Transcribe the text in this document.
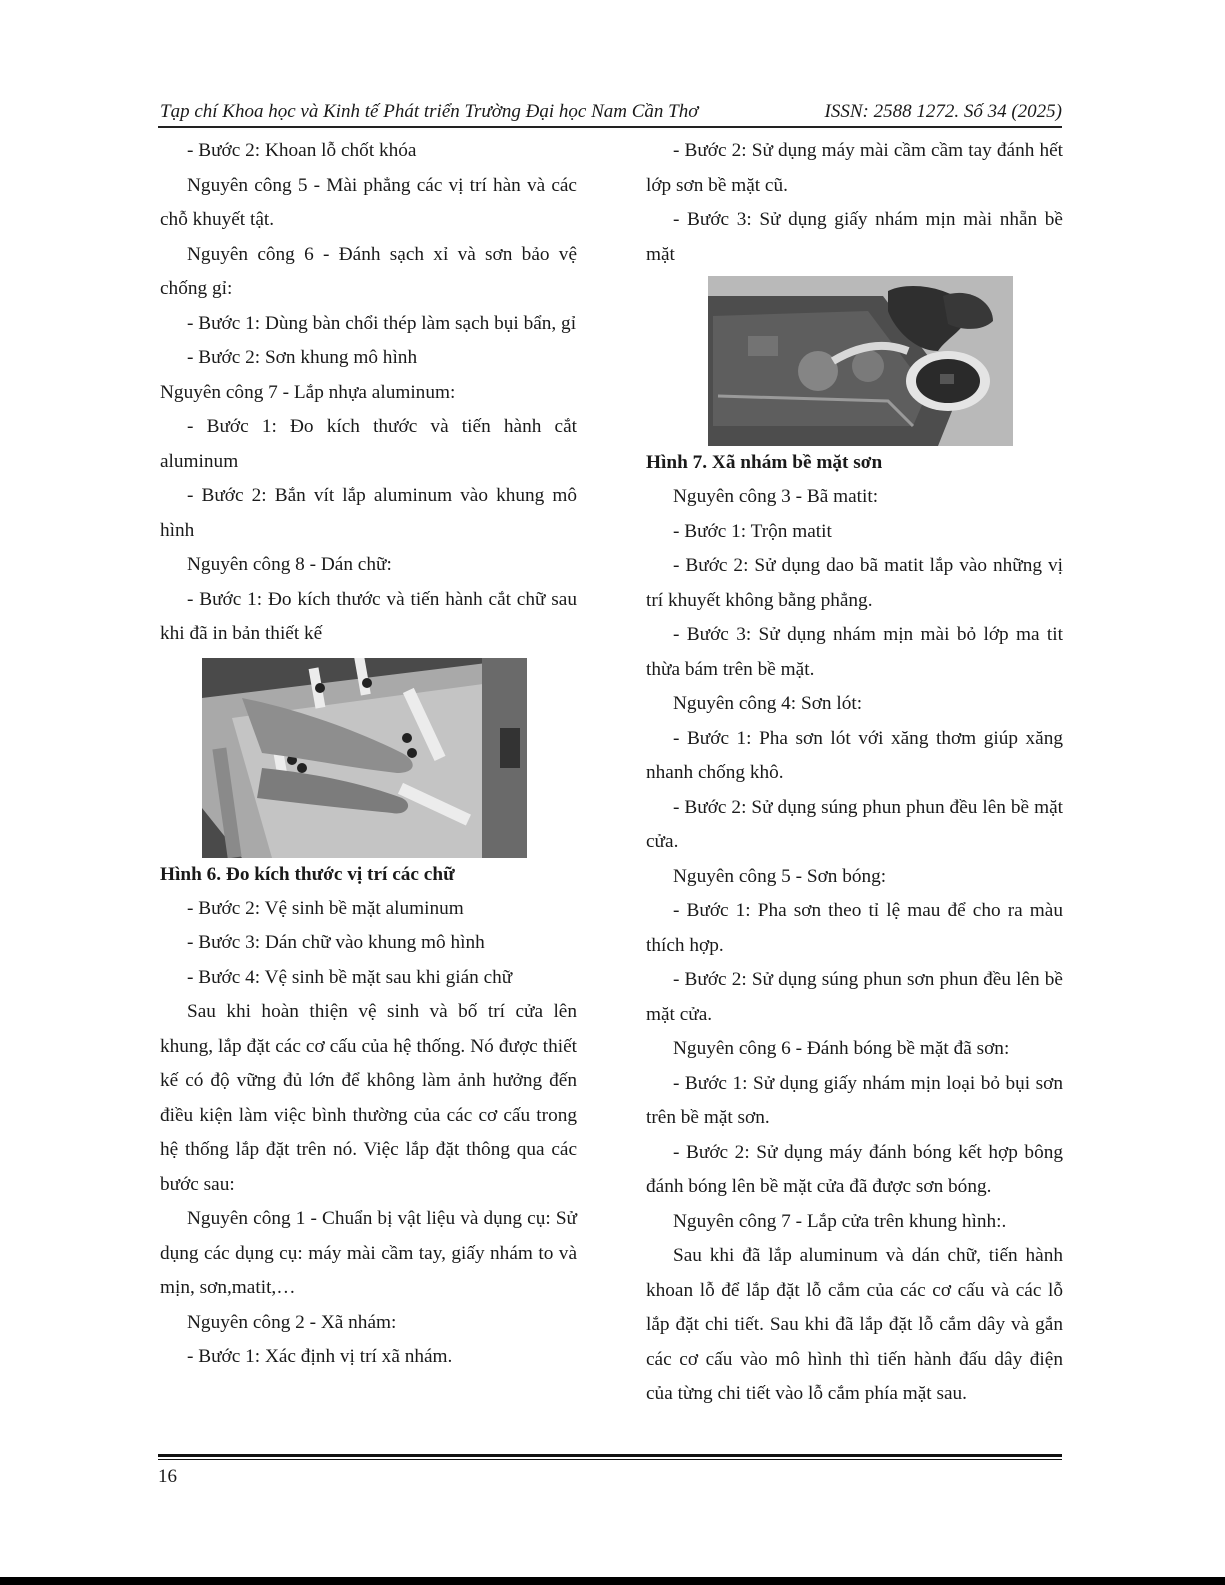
Tạp chí Khoa học và Kinh tế Phát triển Trường Đại học Nam Cần Thơ	ISSN: 2588 1272. Số 34 (2025)

- Bước 2: Khoan lỗ chốt khóa

Nguyên công 5 - Mài phẳng các vị trí hàn và các chỗ khuyết tật.

Nguyên công 6 - Đánh sạch xỉ và sơn bảo vệ chống gỉ:

- Bước 1: Dùng bàn chổi thép làm sạch bụi bẩn, gỉ

- Bước 2: Sơn khung mô hình

Nguyên công 7 - Lắp nhựa aluminum:

- Bước 1: Đo kích thước và tiến hành cắt aluminum

- Bước 2: Bắn vít lắp aluminum vào khung mô hình

Nguyên công 8 - Dán chữ:

- Bước 1: Đo kích thước và tiến hành cắt chữ sau khi đã in bản thiết kế

Hình 6. Đo kích thước vị trí các chữ

- Bước 2: Vệ sinh bề mặt aluminum

- Bước 3: Dán chữ vào khung mô hình

- Bước 4: Vệ sinh bề mặt sau khi gián chữ

Sau khi hoàn thiện vệ sinh và bố trí cửa lên khung, lắp đặt các cơ cấu của hệ thống. Nó được thiết kế có độ vững đủ lớn để không làm ảnh hưởng đến điều kiện làm việc bình thường của các cơ cấu trong hệ thống lắp đặt trên nó. Việc lắp đặt thông qua các bước sau:

Nguyên công 1 - Chuẩn bị vật liệu và dụng cụ: Sử dụng các dụng cụ: máy mài cầm tay, giấy nhám to và mịn, sơn,matit,…

Nguyên công 2 - Xã nhám:

- Bước 1: Xác định vị trí xã nhám.

- Bước 2: Sử dụng máy mài cầm cầm tay đánh hết lớp sơn bề mặt cũ.

- Bước 3: Sử dụng giấy nhám mịn mài nhẵn bề mặt

Hình 7. Xã nhám bề mặt sơn

Nguyên công 3 - Bã matit:

- Bước 1: Trộn matit

- Bước 2: Sử dụng dao bã matit lắp vào những vị trí khuyết không bằng phẳng.

- Bước 3: Sử dụng nhám mịn mài bỏ lớp ma tit thừa bám trên bề mặt.

Nguyên công 4: Sơn lót:

- Bước 1: Pha sơn lót với xăng thơm giúp xăng nhanh chống khô.

- Bước 2: Sử dụng súng phun phun đều lên bề mặt cửa.

Nguyên công 5 - Sơn bóng:

- Bước 1: Pha sơn theo tỉ lệ mau để cho ra màu thích hợp.

- Bước 2: Sử dụng súng phun sơn phun đều lên bề mặt cửa.

Nguyên công 6 - Đánh bóng bề mặt đã sơn:

- Bước 1: Sử dụng giấy nhám mịn loại bỏ bụi sơn trên bề mặt sơn.

- Bước 2: Sử dụng máy đánh bóng kết hợp bông đánh bóng lên bề mặt cửa đã được sơn bóng.

Nguyên công 7 - Lắp cửa trên khung hình:.

Sau khi đã lắp aluminum và dán chữ, tiến hành khoan lỗ để lắp đặt lỗ cắm của các cơ cấu và các lỗ lắp đặt chi tiết. Sau khi đã lắp đặt lỗ cắm dây và gắn các cơ cấu vào mô hình thì tiến hành đấu dây điện của từng chi tiết vào lỗ cắm phía mặt sau.

16
